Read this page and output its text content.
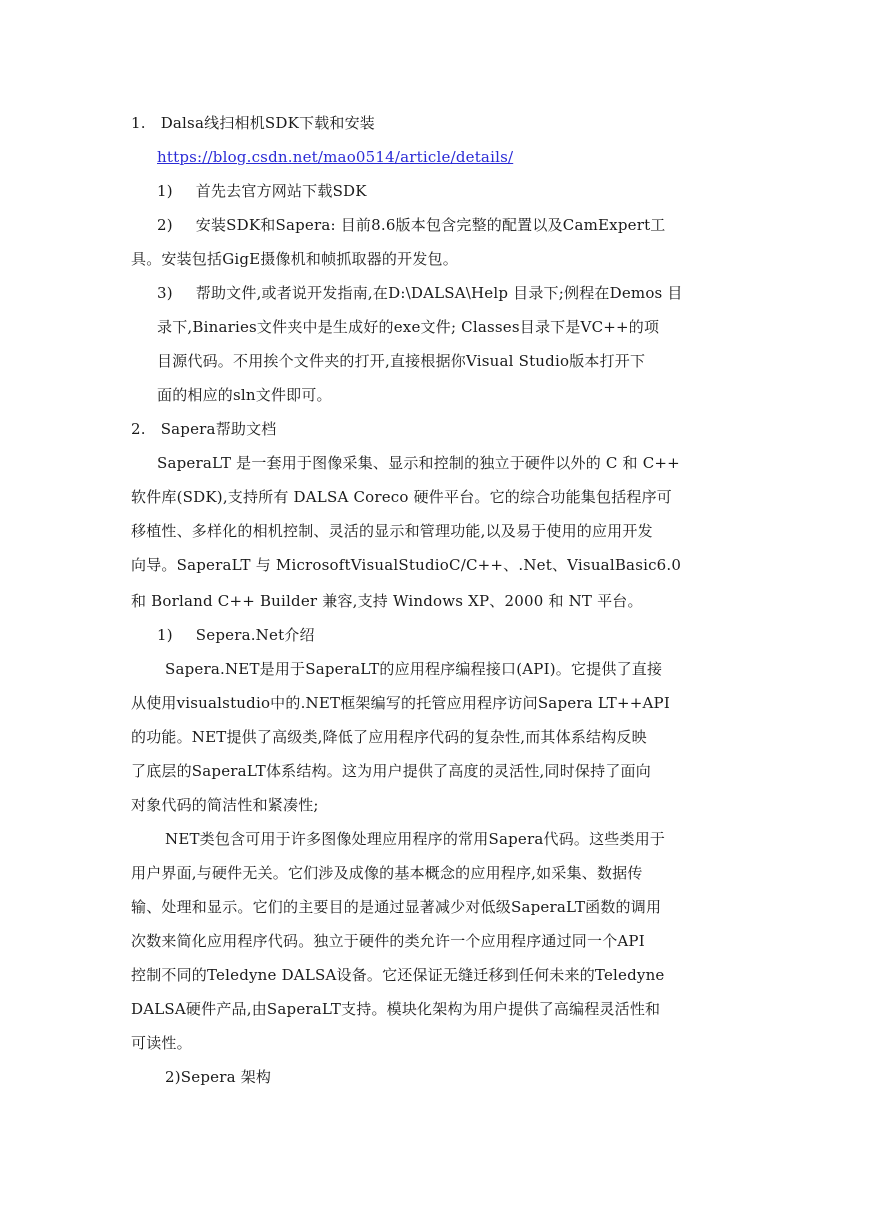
1. Dalsa线扫相机SDK下载和安装
https://blog.csdn.net/mao0514/article/details/
1) 首先去官方网站下载SDK
2) 安装SDK和Sapera: 目前8.6版本包含完整的配置以及CamExpert工
具。安装包括GigE摄像机和帧抓取器的开发包。
3) 帮助文件,或者说开发指南,在D:\DALSA\Help 目录下;例程在Demos 目
录下,Binaries文件夹中是生成好的exe文件; Classes目录下是VC++的项
目源代码。不用挨个文件夹的打开,直接根据你Visual Studio版本打开下
面的相应的sln文件即可。
2. Sapera帮助文档
SaperaLT 是一套用于图像采集、显示和控制的独立于硬件以外的 C 和 C++
软件库(SDK),支持所有 DALSA Coreco 硬件平台。它的综合功能集包括程序可
移植性、多样化的相机控制、灵活的显示和管理功能,以及易于使用的应用开发
向导。SaperaLT 与 MicrosoftVisualStudioC/C++、.Net、VisualBasic6.0
和 Borland C++ Builder 兼容,支持 Windows XP、2000 和 NT 平台。
1) Sepera.Net介绍
Sapera.NET是用于SaperaLT的应用程序编程接口(API)。它提供了直接
从使用visualstudio中的.NET框架编写的托管应用程序访问Sapera LT++API
的功能。NET提供了高级类,降低了应用程序代码的复杂性,而其体系结构反映
了底层的SaperaLT体系结构。这为用户提供了高度的灵活性,同时保持了面向
对象代码的简洁性和紧凑性;
NET类包含可用于许多图像处理应用程序的常用Sapera代码。这些类用于
用户界面,与硬件无关。它们涉及成像的基本概念的应用程序,如采集、数据传
输、处理和显示。它们的主要目的是通过显著减少对低级SaperaLT函数的调用
次数来简化应用程序代码。独立于硬件的类允许一个应用程序通过同一个API
控制不同的Teledyne DALSA设备。它还保证无缝迁移到任何未来的Teledyne
DALSA硬件产品,由SaperaLT支持。模块化架构为用户提供了高编程灵活性和
可读性。
2)Sepera 架构
